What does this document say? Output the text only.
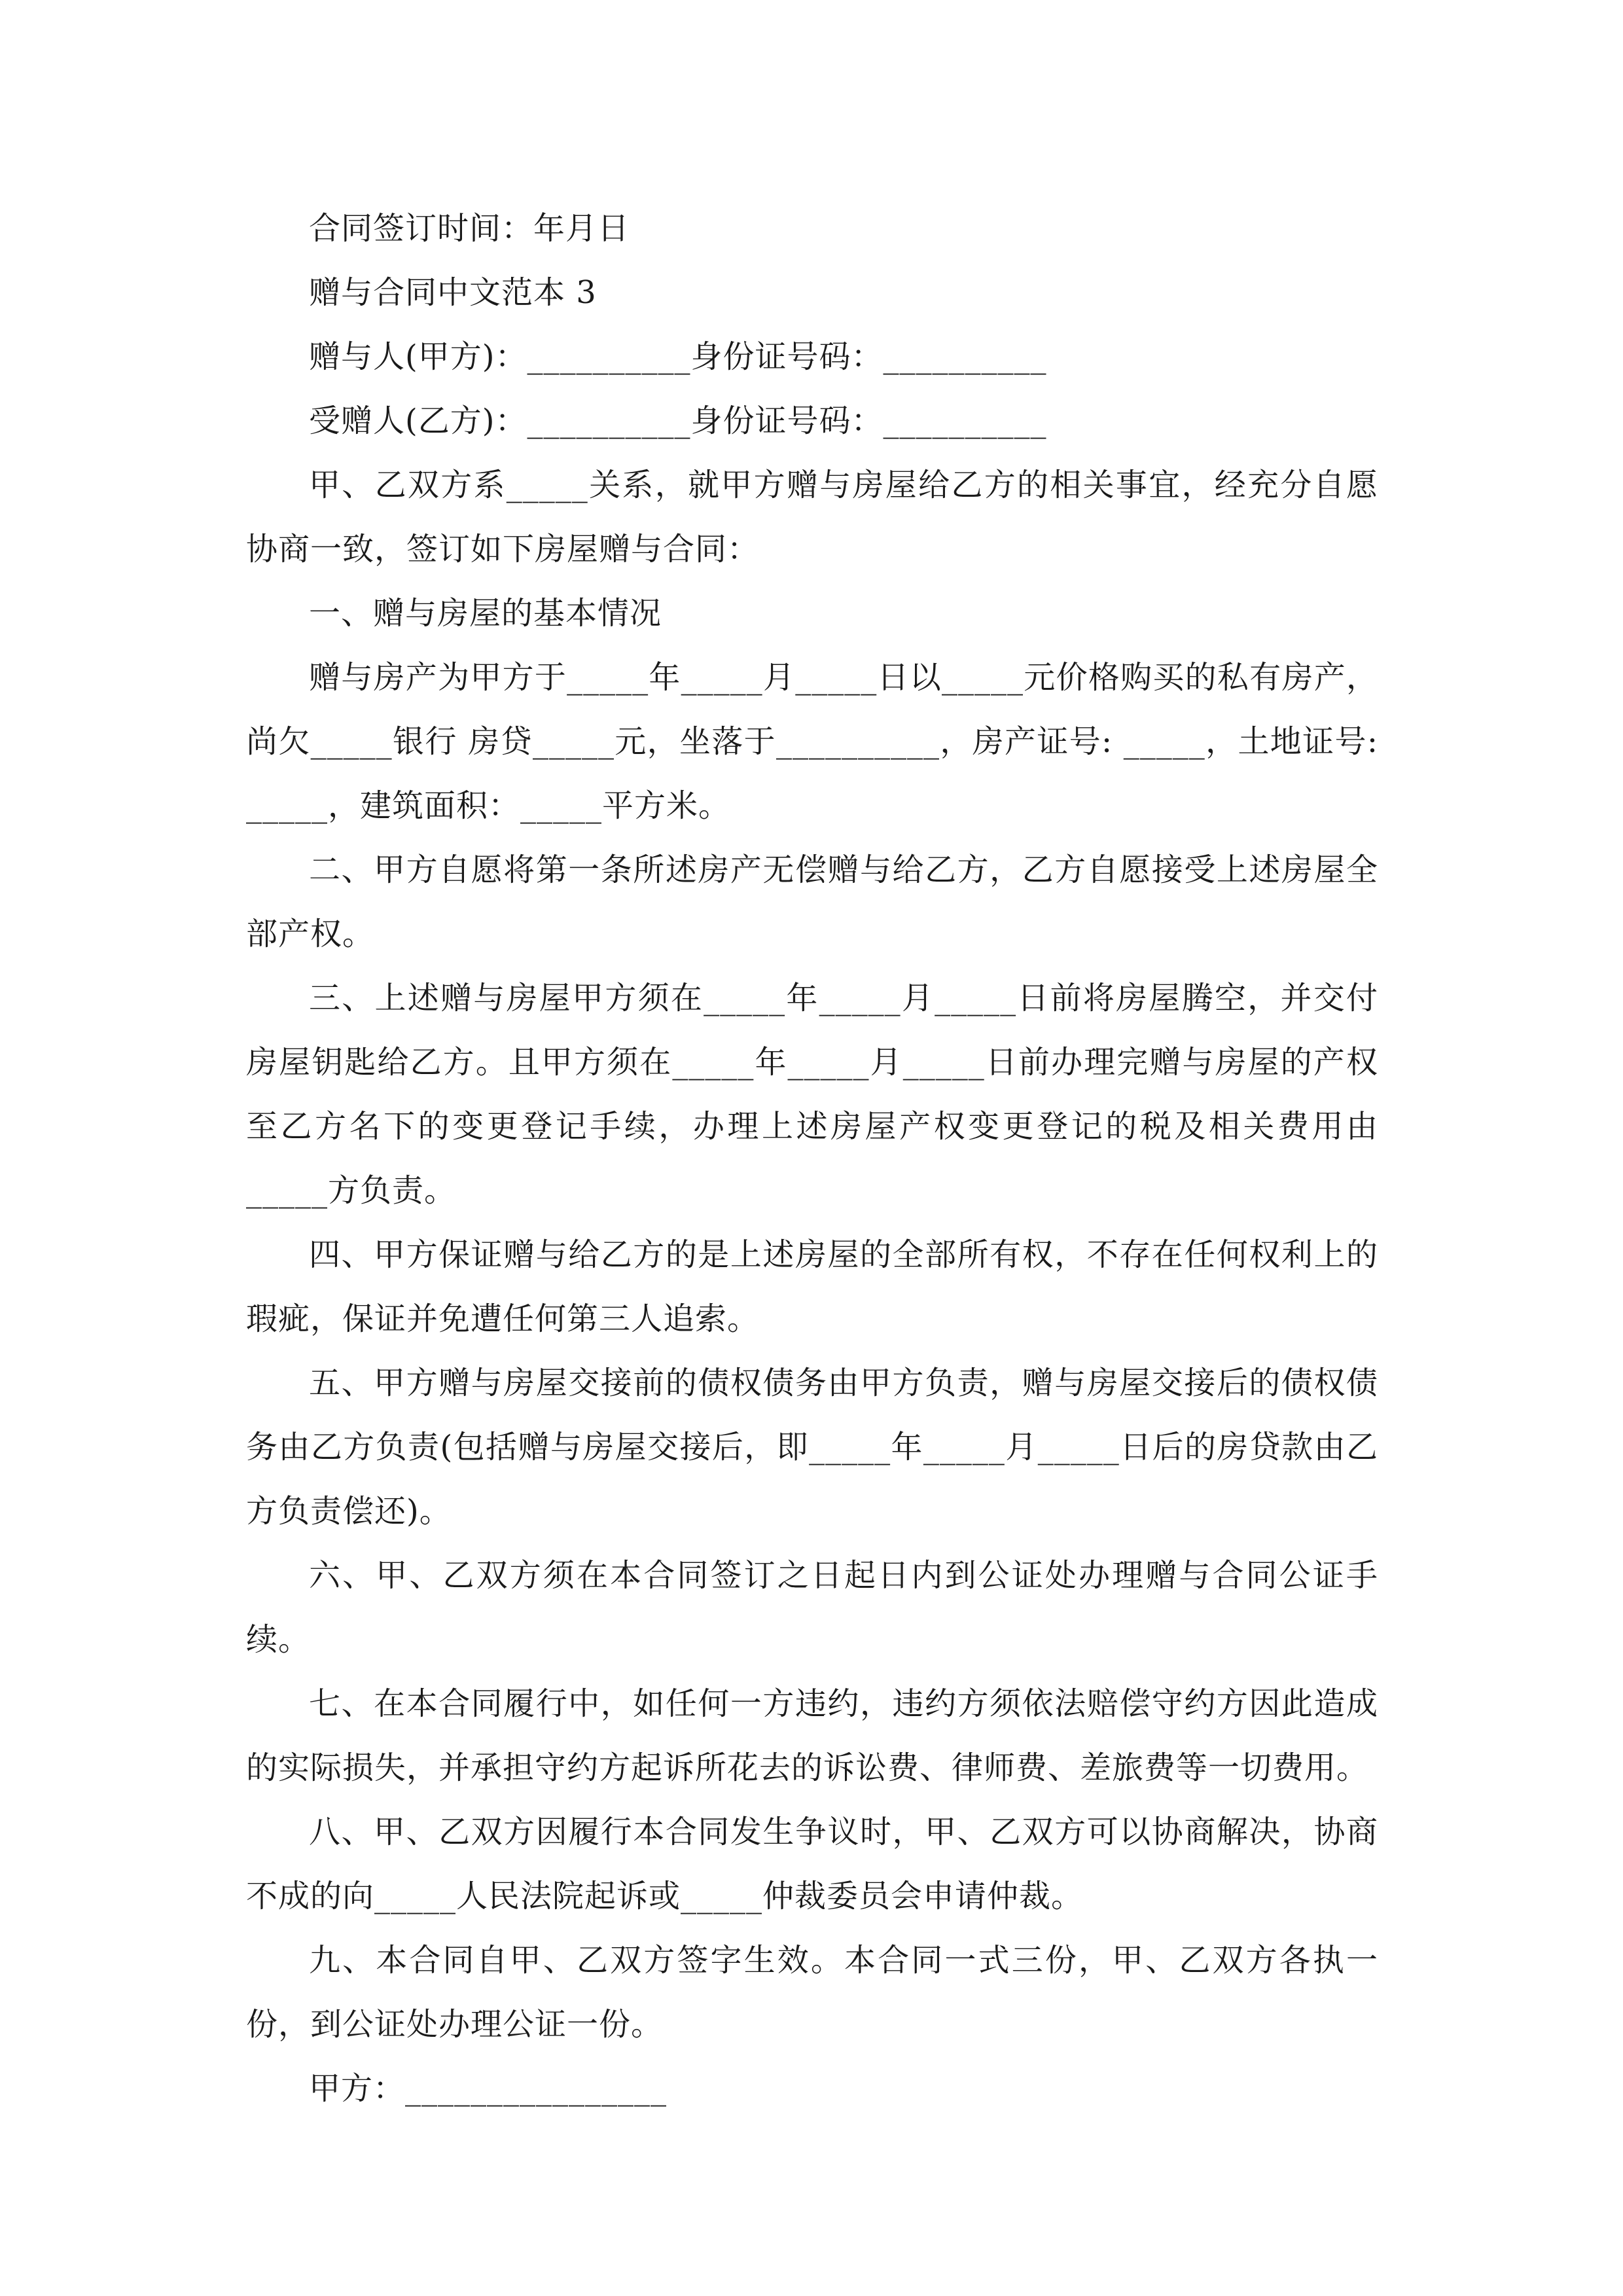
合同签订时间：年月日

赠与合同中文范本 3

赠与人(甲方)：__________身份证号码：__________

受赠人(乙方)：__________身份证号码：__________

甲、乙双方系_____关系，就甲方赠与房屋给乙方的相关事宜，经充分自愿协商一致，签订如下房屋赠与合同：

一、赠与房屋的基本情况

赠与房产为甲方于_____年_____月_____日以_____元价格购买的私有房产，尚欠_____银行 房贷_____元，坐落于__________，房产证号: _____，土地证号: _____，建筑面积：_____平方米。

二、甲方自愿将第一条所述房产无偿赠与给乙方，乙方自愿接受上述房屋全部产权。

三、上述赠与房屋甲方须在_____年_____月_____日前将房屋腾空，并交付房屋钥匙给乙方。且甲方须在_____年_____月_____日前办理完赠与房屋的产权至乙方名下的变更登记手续，办理上述房屋产权变更登记的税及相关费用由_____方负责。

四、甲方保证赠与给乙方的是上述房屋的全部所有权，不存在任何权利上的瑕疵，保证并免遭任何第三人追索。

五、甲方赠与房屋交接前的债权债务由甲方负责，赠与房屋交接后的债权债务由乙方负责(包括赠与房屋交接后，即_____年_____月_____日后的房贷款由乙方负责偿还)。

六、甲、乙双方须在本合同签订之日起日内到公证处办理赠与合同公证手续。

七、在本合同履行中，如任何一方违约，违约方须依法赔偿守约方因此造成的实际损失，并承担守约方起诉所花去的诉讼费、律师费、差旅费等一切费用。

八、甲、乙双方因履行本合同发生争议时，甲、乙双方可以协商解决，协商不成的向_____人民法院起诉或_____仲裁委员会申请仲裁。

九、本合同自甲、乙双方签字生效。本合同一式三份，甲、乙双方各执一份，到公证处办理公证一份。

甲方：________________
